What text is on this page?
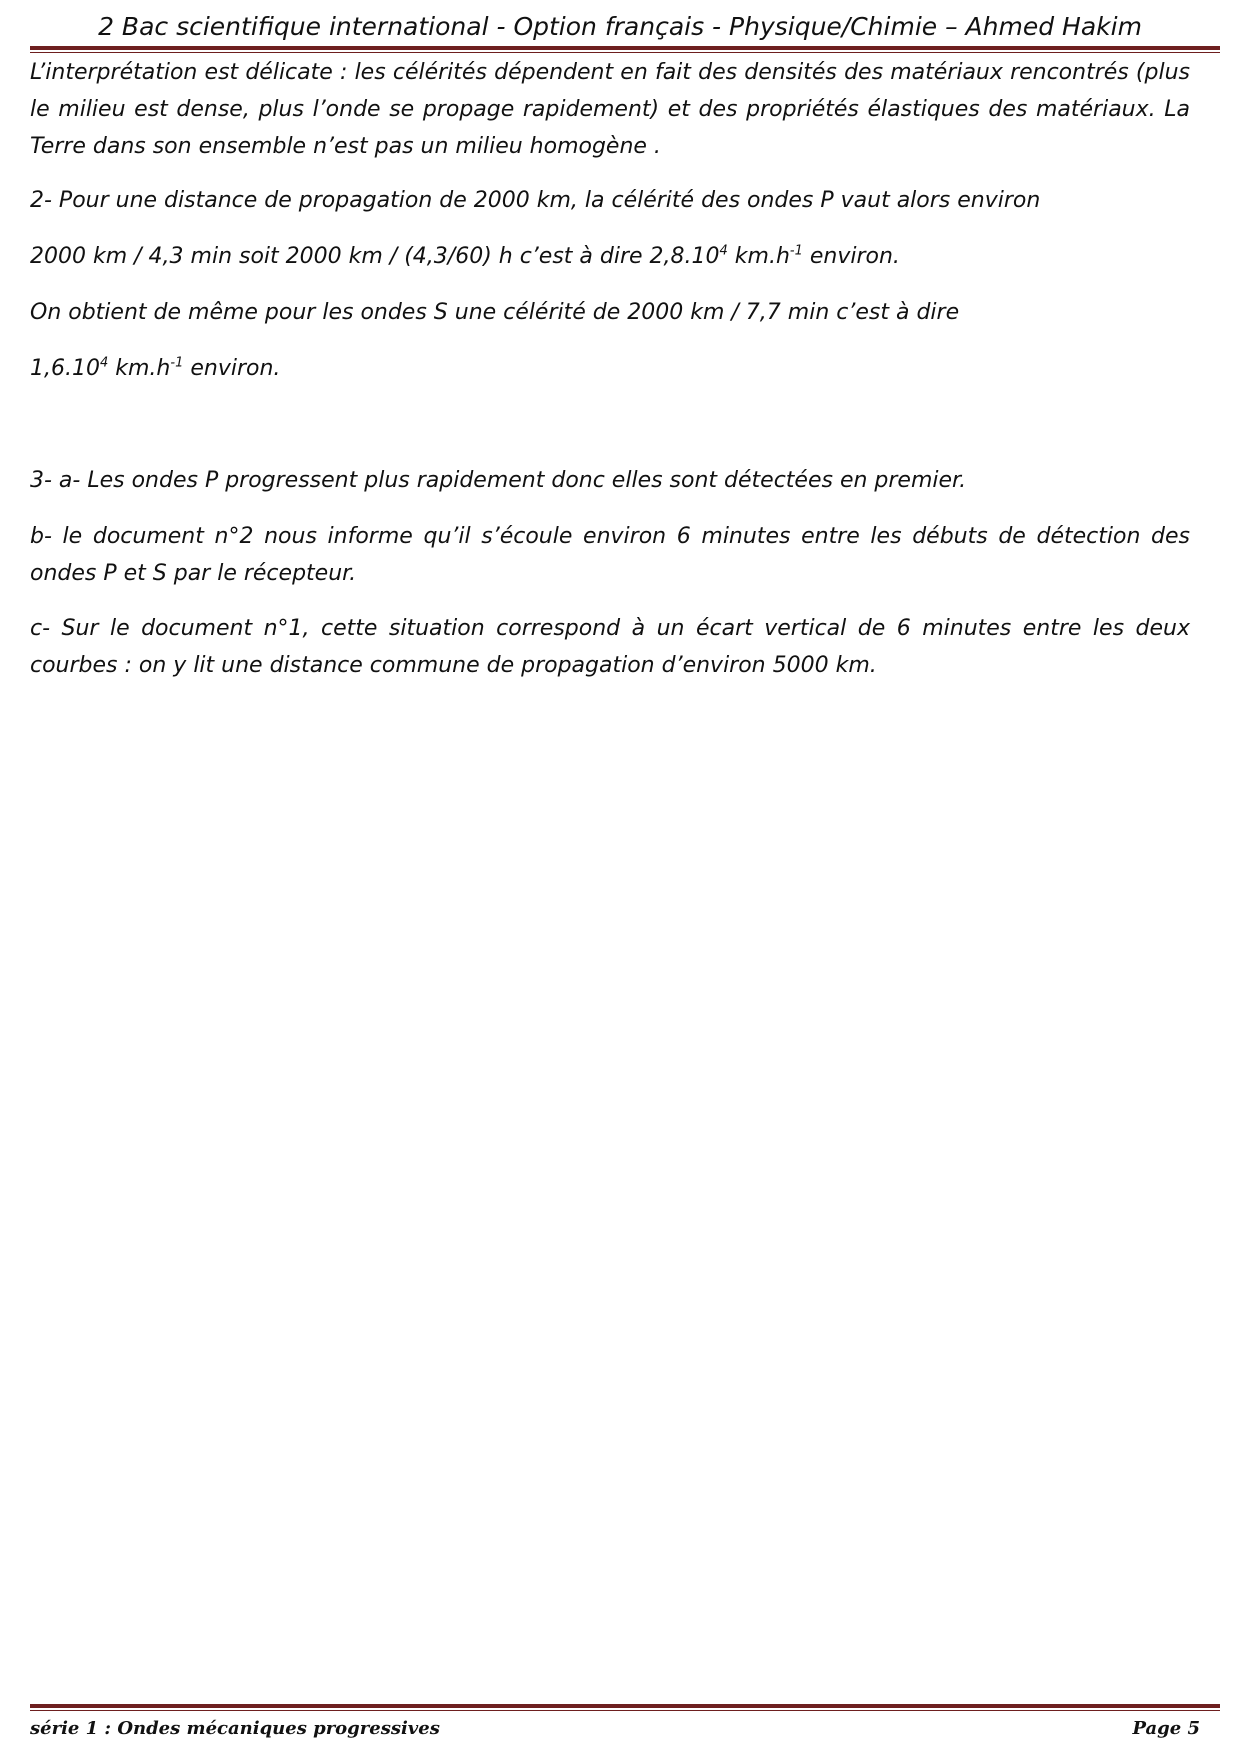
2 Bac scientifique international - Option français - Physique/Chimie – Ahmed Hakim

L’interprétation est délicate : les célérités dépendent en fait des densités des matériaux rencontrés (plus le milieu est dense, plus l’onde se propage rapidement) et des propriétés élastiques des matériaux. La Terre dans son ensemble n’est pas un milieu homogène .

2- Pour une distance de propagation de 2000 km, la célérité des ondes P vaut alors environ

2000 km / 4,3 min soit 2000 km / (4,3/60) h c’est à dire 2,8.10$^4$ $km.h^{-1}$ environ.

On obtient de même pour les ondes S une célérité de 2000 km / 7,7 min c’est à dire

1,6.10$^4$ $km.h^{-1}$ environ.

3- a- Les ondes P progressent plus rapidement donc elles sont détectées en premier.

b- le document n°2 nous informe qu’il s’écoule environ 6 minutes entre les débuts de détection des ondes P et S par le récepteur.

c- Sur le document n°1, cette situation correspond à un écart vertical de 6 minutes entre les deux courbes : on y lit une distance commune de propagation d’environ 5000 km.

série 1 : Ondes mécaniques progressives	Page 5
